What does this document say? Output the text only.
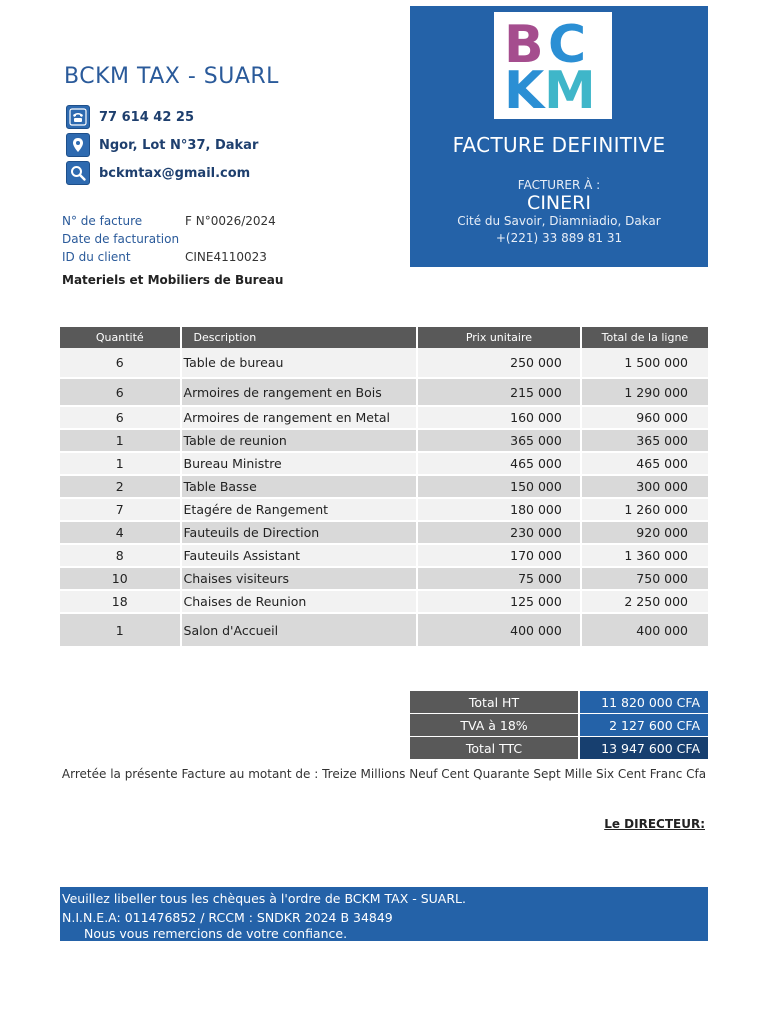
BCKM TAX - SUARL
77 614 42 25
Ngor, Lot N°37, Dakar
bckmtax@gmail.com
N° de facture	F N°0026/2024
Date de facturation
ID du client	CINE4110023
Materiels et Mobiliers de Bureau
B C
K M
FACTURE DEFINITIVE
FACTURER À :
CINERI
Cité du Savoir, Diamniadio, Dakar
+(221) 33 889 81 31
Quantité	Description	Prix unitaire	Total de la ligne
6	Table de bureau	250 000	1 500 000
6	Armoires de rangement en Bois	215 000	1 290 000
6	Armoires de rangement en Metal	160 000	960 000
1	Table de reunion	365 000	365 000
1	Bureau Ministre	465 000	465 000
2	Table Basse	150 000	300 000
7	Etagére de Rangement	180 000	1 260 000
4	Fauteuils de Direction	230 000	920 000
8	Fauteuils Assistant	170 000	1 360 000
10	Chaises visiteurs	75 000	750 000
18	Chaises de Reunion	125 000	2 250 000
1	Salon d'Accueil	400 000	400 000
Total HT	11 820 000 CFA
TVA à 18%	2 127 600 CFA
Total TTC	13 947 600 CFA
Arretée la présente Facture au motant de : Treize Millions Neuf Cent Quarante Sept Mille Six Cent Franc Cfa
Le DIRECTEUR:
Veuillez libeller tous les chèques à l'ordre de BCKM TAX - SUARL.
N.I.N.E.A: 011476852 / RCCM : SNDKR 2024 B 34849
Nous vous remercions de votre confiance.
